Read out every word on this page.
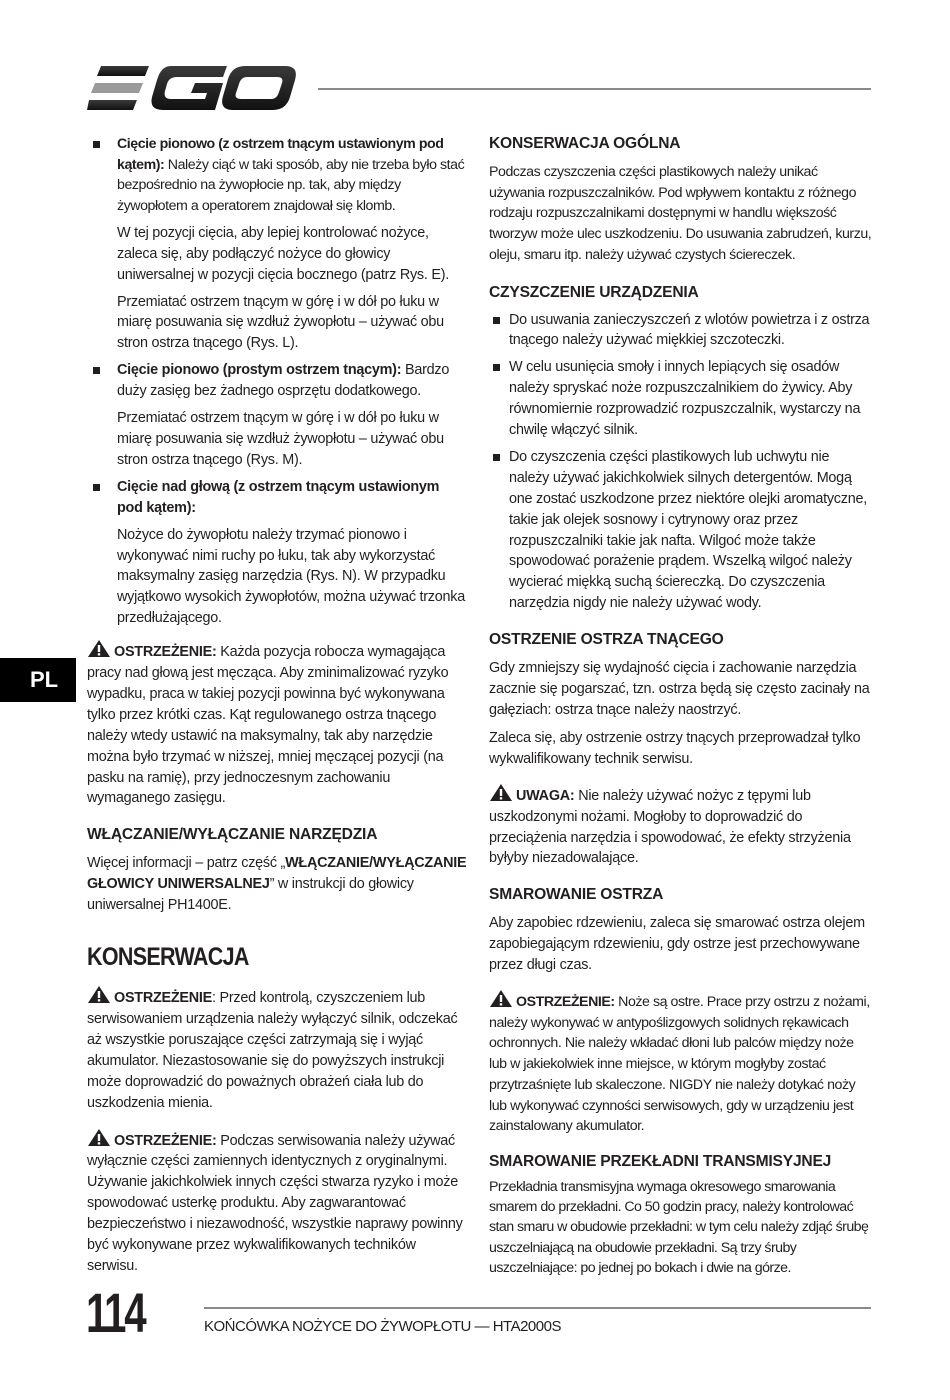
PL

Cięcie pionowo (z ostrzem tnącym ustawionym pod kątem): Należy ciąć w taki sposób, aby nie trzeba było stać bezpośrednio na żywopłocie np. tak, aby między żywopłotem a operatorem znajdował się klomb.

W tej pozycji cięcia, aby lepiej kontrolować nożyce, zaleca się, aby podłączyć nożyce do głowicy uniwersalnej w pozycji cięcia bocznego (patrz Rys. E).

Przemiatać ostrzem tnącym w górę i w dół po łuku w miarę posuwania się wzdłuż żywopłotu – używać obu stron ostrza tnącego (Rys. L).

Cięcie pionowo (prostym ostrzem tnącym): Bardzo duży zasięg bez żadnego osprzętu dodatkowego.

Przemiatać ostrzem tnącym w górę i w dół po łuku w miarę posuwania się wzdłuż żywopłotu – używać obu stron ostrza tnącego (Rys. M).

Cięcie nad głową (z ostrzem tnącym ustawionym pod kątem):

Nożyce do żywopłotu należy trzymać pionowo i wykonywać nimi ruchy po łuku, tak aby wykorzystać maksymalny zasięg narzędzia (Rys. N). W przypadku wyjątkowo wysokich żywopłotów, można używać trzonka przedłużającego.

OSTRZEŻENIE: Każda pozycja robocza wymagająca pracy nad głową jest męcząca. Aby zminimalizować ryzyko wypadku, praca w takiej pozycji powinna być wykonywana tylko przez krótki czas. Kąt regulowanego ostrza tnącego należy wtedy ustawić na maksymalny, tak aby narzędzie można było trzymać w niższej, mniej męczącej pozycji (na pasku na ramię), przy jednoczesnym zachowaniu wymaganego zasięgu.

WŁĄCZANIE/WYŁĄCZANIE NARZĘDZIA

Więcej informacji – patrz część „WŁĄCZANIE/WYŁĄCZANIE GŁOWICY UNIWERSALNEJ” w instrukcji do głowicy uniwersalnej PH1400E.

KONSERWACJA

OSTRZEŻENIE: Przed kontrolą, czyszczeniem lub serwisowaniem urządzenia należy wyłączyć silnik, odczekać aż wszystkie poruszające części zatrzymają się i wyjąć akumulator. Niezastosowanie się do powyższych instrukcji może doprowadzić do poważnych obrażeń ciała lub do uszkodzenia mienia.

OSTRZEŻENIE: Podczas serwisowania należy używać wyłącznie części zamiennych identycznych z oryginalnymi. Używanie jakichkolwiek innych części stwarza ryzyko i może spowodować usterkę produktu. Aby zagwarantować bezpieczeństwo i niezawodność, wszystkie naprawy powinny być wykonywane przez wykwalifikowanych techników serwisu.

KONSERWACJA OGÓLNA

Podczas czyszczenia części plastikowych należy unikać używania rozpuszczalników. Pod wpływem kontaktu z różnego rodzaju rozpuszczalnikami dostępnymi w handlu większość tworzyw może ulec uszkodzeniu. Do usuwania zabrudzeń, kurzu, oleju, smaru itp. należy używać czystych ściereczek.

CZYSZCZENIE URZĄDZENIA

Do usuwania zanieczyszczeń z wlotów powietrza i z ostrza tnącego należy używać miękkiej szczoteczki.

W celu usunięcia smoły i innych lepiących się osadów należy spryskać noże rozpuszczalnikiem do żywicy. Aby równomiernie rozprowadzić rozpuszczalnik, wystarczy na chwilę włączyć silnik.

Do czyszczenia części plastikowych lub uchwytu nie należy używać jakichkolwiek silnych detergentów. Mogą one zostać uszkodzone przez niektóre olejki aromatyczne, takie jak olejek sosnowy i cytrynowy oraz przez rozpuszczalniki takie jak nafta. Wilgoć może także spowodować porażenie prądem. Wszelką wilgoć należy wycierać miękką suchą ściereczką. Do czyszczenia narzędzia nigdy nie należy używać wody.

OSTRZENIE OSTRZA TNĄCEGO

Gdy zmniejszy się wydajność cięcia i zachowanie narzędzia zacznie się pogarszać, tzn. ostrza będą się często zacinały na gałęziach: ostrza tnące należy naostrzyć.

Zaleca się, aby ostrzenie ostrzy tnących przeprowadzał tylko wykwalifikowany technik serwisu.

UWAGA: Nie należy używać nożyc z tępymi lub uszkodzonymi nożami. Mogłoby to doprowadzić do przeciążenia narzędzia i spowodować, że efekty strzyżenia byłyby niezadowalające.

SMAROWANIE OSTRZA

Aby zapobiec rdzewieniu, zaleca się smarować ostrza olejem zapobiegającym rdzewieniu, gdy ostrze jest przechowywane przez długi czas.

OSTRZEŻENIE: Noże są ostre. Prace przy ostrzu z nożami, należy wykonywać w antypoślizgowych solidnych rękawicach ochronnych. Nie należy wkładać dłoni lub palców między noże lub w jakiekolwiek inne miejsce, w którym mogłyby zostać przytrzaśnięte lub skaleczone. NIGDY nie należy dotykać noży lub wykonywać czynności serwisowych, gdy w urządzeniu jest zainstalowany akumulator.

SMAROWANIE PRZEKŁADNI TRANSMISYJNEJ

Przekładnia transmisyjna wymaga okresowego smarowania smarem do przekładni. Co 50 godzin pracy, należy kontrolować stan smaru w obudowie przekładni: w tym celu należy zdjąć śrubę uszczelniającą na obudowie przekładni. Są trzy śruby uszczelniające: po jednej po bokach i dwie na górze.

114	KOŃCÓWKA NOŻYCE DO ŻYWOPŁOTU — HTA2000S
